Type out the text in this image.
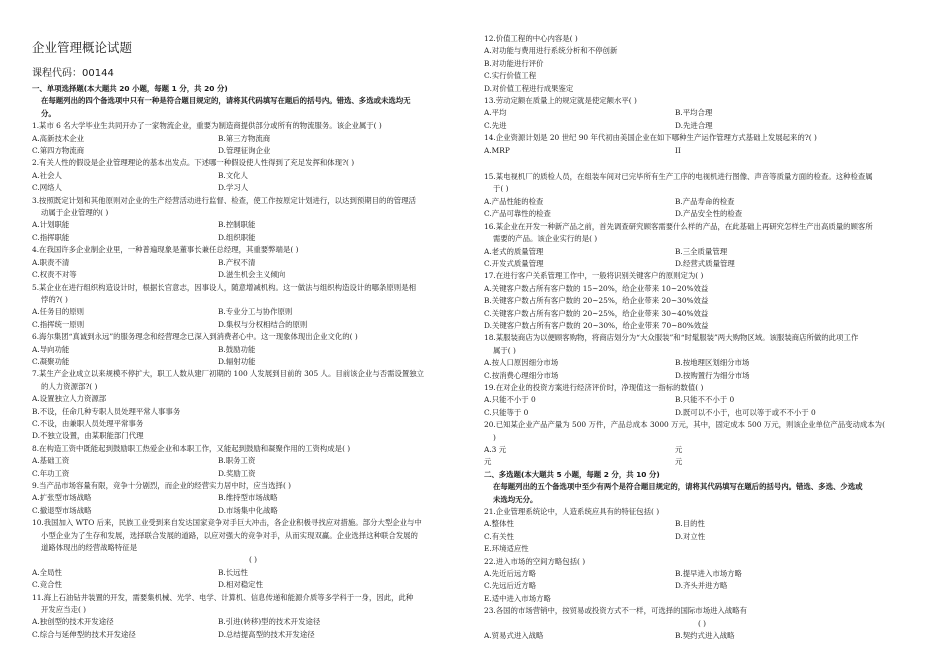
企业管理概论试题
课程代码：00144
一、单项选择题(本大题共 20 小题，每题 1 分，共 20 分)
在每题列出的四个备选项中只有一种是符合题目规定的，请将其代码填写在题后的括号内。错选、多选或未选均无
分。
1.某市 6 名大学毕业生共同开办了一家物流企业，重要为制造商提供部分或所有的物流服务。该企业属于( )
A.高新技术企业	B.第三方物流商
C.第四方物流商	D.管理征询企业
2.有关人性的假设是企业管理理论的基本出发点。下述哪一种假设使人性得到了充足发挥和体现?( )
A.社会人	B.文化人
C.网络人	D.学习人
3.按照既定计划和其他原则对企业的生产经营活动进行监督、检查，使工作按原定计划进行，以达到预期目的的管理活
动属于企业管理的( )
A.计划职能	B.控制职能
C.指挥职能	D.组织职能
4.在我国许多企业制企业里，一种普遍现象是董事长兼任总经理，其重要弊端是( )
A.职责不清	B.产权不清
C.权责不对等	D.滋生机会主义倾向
5.某企业在进行组织构造设计时，根据长官意志，因事设人，随意增减机构。这一做法与组织构造设计的哪条原则是相
悖的?( )
A.任务目的原则	B.专业分工与协作原则
C.指挥统一原则	D.集权与分权相结合的原则
6.海尔集团“真诚到永远”的服务理念和经营理念已深入到消费者心中。这一现象体现出企业文化的( )
A.导向功能	B.鼓励功能
C.凝聚功能	D.辐射功能
7.某生产企业成立以来规模不停扩大，职工人数从建厂初期的 100 人发展到目前的 305 人。目前该企业与否需设置独立
的人力资源部?( )
A.设置独立人力资源部
B.不设，任命几种专职人员处理平常人事事务
C.不设，由兼职人员处理平常事务
D.不独立设置，由某职能部门代理
8.在构造工资中既能起到鼓励职工热爱企业和本职工作，又能起到鼓励和凝聚作用的工资构成是( )
A.基础工资	B.职务工资
C.年功工资	D.奖励工资
9.当产品市场容量有限，竞争十分剧烈，而企业的经营实力居中时，应当选择( )
A.扩张型市场战略	B.维持型市场战略
C.撤退型市场战略	D.市场集中化战略
10.我国加入 WTO 后来，民族工业受到来自发达国家竞争对手巨大冲击，各企业积极寻找应对措施。部分大型企业与中
小型企业为了生存和发展，选择联合发展的道路，以应对强大的竞争对手，从而实现双赢。企业选择这种联合发展的
道路体现出的经营战略特征是
( )
A.全局性	B.长远性
C.竞合性	D.相对稳定性
11.海上石油钻井装置的开发，需要集机械、光学、电学、计算机、信息传递和能源介质等多学科于一身，因此，此种
开发应当走( )
A.独创型的技术开发途径	B.引进(转移)型的技术开发途径
C.综合与延伸型的技术开发途径	D.总结提高型的技术开发途径
12.价值工程的中心内容是( )
A.对功能与费用进行系统分析和不停创新
B.对功能进行评价
C.实行价值工程
D.对价值工程进行成果鉴定
13.劳动定额在质量上的规定就是使定额水平( )
A.平均	B.平均合理
C.先进	D.先进合理
14.企业资源计划是 20 世纪 90 年代初由美国企业在如下哪种生产运作管理方式基础上发展起来的?( )
A.MRP	II
15.某电视机厂的质检人员，在组装车间对已完毕所有生产工序的电视机进行图像、声音等质量方面的检查。这种检查属
于( )
A.产品性能的检查	B.产品寿命的检查
C.产品可靠性的检查	D.产品安全性的检查
16.某企业在开发一种新产品之前，首先调查研究顾客需要什么样的产品，在此基础上再研究怎样生产出高质量的顾客所
需要的产品。该企业实行的是( )
A.老式的质量管理	B.三全质量管理
C.开发式质量管理	D.经营式质量管理
17.在进行客户关系管理工作中，一般将识别关键客户的原则定为( )
A.关键客户数占所有客户数的 15~20%，给企业带来 10~20%效益
B.关键客户数占所有客户数的 20~25%，给企业带来 20~30%效益
C.关键客户数占所有客户数的 20~25%，给企业带来 30~40%效益
D.关键客户数占所有客户数的 20~30%，给企业带来 70~80%效益
18.某服装商店为以便顾客购物，将商店划分为“大众服装”和“时髦服装”两大购物区域。该服装商店所做的此项工作
属于( )
A.按人口原因细分市场	B.按地理区划细分市场
C.按消费心理细分市场	D.按购置行为细分市场
19.在对企业的投资方案进行经济评价时，净现值这一指标的数值( )
A.只能不小于 0	B.只能不不小于 0
C.只能等于 0	D.既可以不小于，也可以等于或不不小于 0
20.已知某企业产品产量为 500 万件，产品总成本 3000 万元，其中，固定成本 500 万元，则该企业单位产品变动成本为(
)
A.3 元	元
元	元
二、多选题(本大题共 5 小题，每题 2 分，共 10 分)
在每题列出的五个备选项中至少有两个是符合题目规定的，请将其代码填写在题后的括号内。错选、多选、少选或
未选均无分。
21.企业管理系统论中，人造系统应具有的特征包括( )
A.整体性	B.目的性
C.有关性	D.对立性
E.环境适应性
22.进入市场的空间方略包括( )
A.先近后远方略	B.提早进入市场方略
C.先远后近方略	D.齐头并进方略
E.适中进入市场方略
23.各国的市场营销中，按贸易或投资方式不一样，可选择的国际市场进入战略有
( )
A.贸易式进入战略	B.契约式进入战略
